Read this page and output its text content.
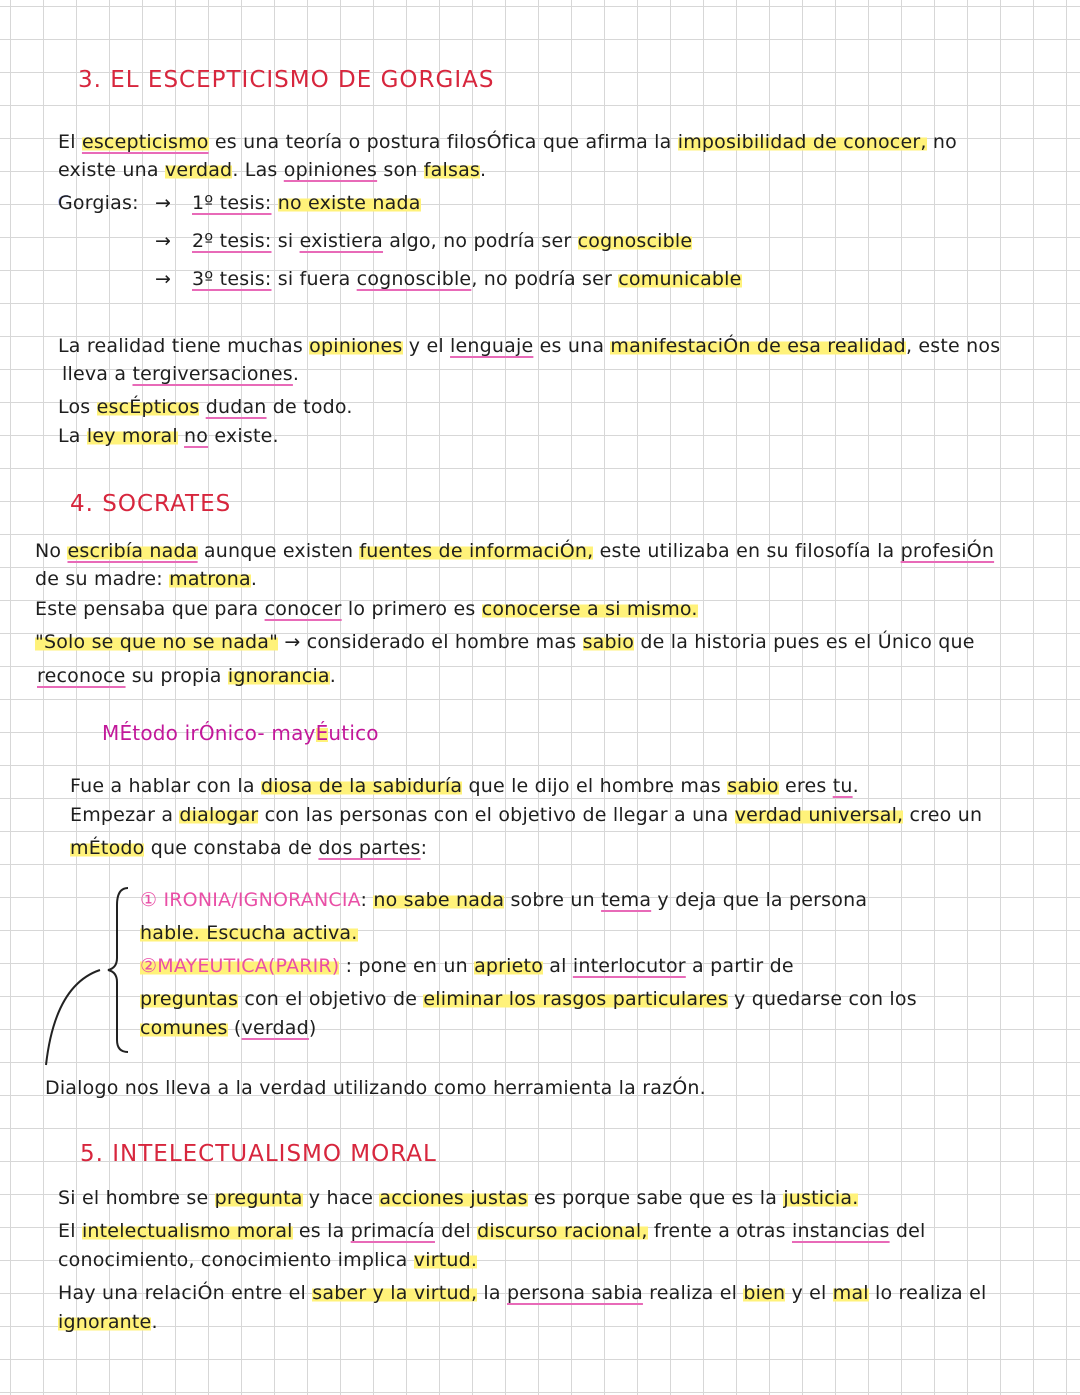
3. EL ESCEPTICISMO DE GORGIAS
El escepticismo es una teoría o postura filosÓfica que afirma la imposibilidad de conocer, no
existe una verdad. Las opiniones son falsas.
Gorgias: → 1º tesis: no existe nada
→ 2º tesis: si existiera algo, no podría ser cognoscible
→ 3º tesis: si fuera cognoscible, no podría ser comunicable
La realidad tiene muchas opiniones y el lenguaje es una manifestaciÓn de esa realidad, este nos
lleva a tergiversaciones.
Los escÉpticos dudan de todo.
La ley moral no existe.
4. SOCRATES
No escribía nada aunque existen fuentes de informaciÓn, este utilizaba en su filosofía la profesiÓn
de su madre: matrona.
Este pensaba que para conocer lo primero es conocerse a si mismo.
"Solo se que no se nada" → considerado el hombre mas sabio de la historia pues es el Único que
reconoce su propia ignorancia.
MÉtodo irÓnico- mayÉutico
Fue a hablar con la diosa de la sabiduría que le dijo el hombre mas sabio eres tu.
Empezar a dialogar con las personas con el objetivo de llegar a una verdad universal, creo un
mÉtodo que constaba de dos partes:
① IRONIA/IGNORANCIA: no sabe nada sobre un tema y deja que la persona
hable. Escucha activa.
②MAYEUTICA(PARIR) : pone en un aprieto al interlocutor a partir de
preguntas con el objetivo de eliminar los rasgos particulares y quedarse con los
comunes (verdad)
Dialogo nos lleva a la verdad utilizando como herramienta la razÓn.
5. INTELECTUALISMO MORAL
Si el hombre se pregunta y hace acciones justas es porque sabe que es la justicia.
El intelectualismo moral es la primacía del discurso racional, frente a otras instancias del
conocimiento, conocimiento implica virtud.
Hay una relaciÓn entre el saber y la virtud, la persona sabia realiza el bien y el mal lo realiza el
ignorante.
